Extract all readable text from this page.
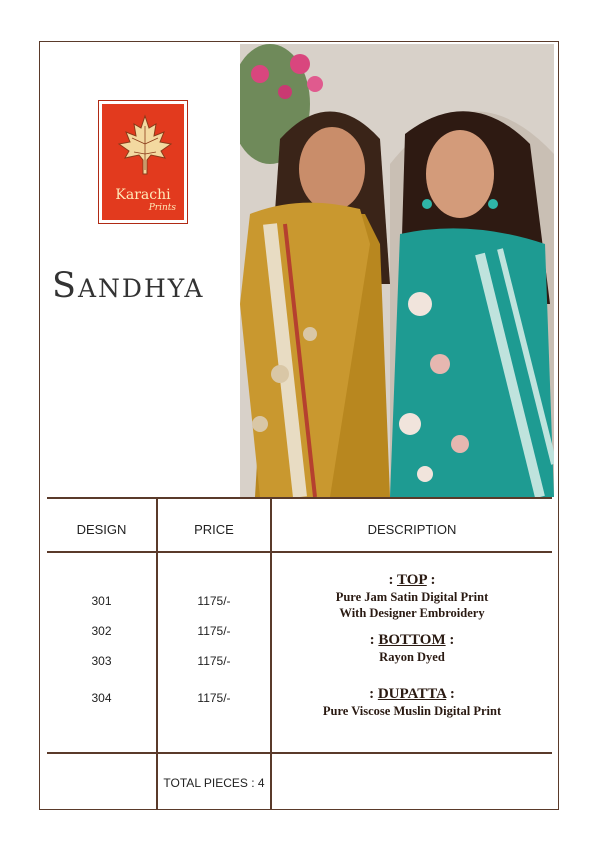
Karachi
Prints
Sandhya
DESIGN	PRICE	DESCRIPTION
301	1175/-
302	1175/-
303	1175/-
304	1175/-
: TOP :
Pure Jam Satin Digital Print
With Designer Embroidery
: BOTTOM :
Rayon Dyed
: DUPATTA :
Pure Viscose Muslin Digital Print
TOTAL PIECES : 4
